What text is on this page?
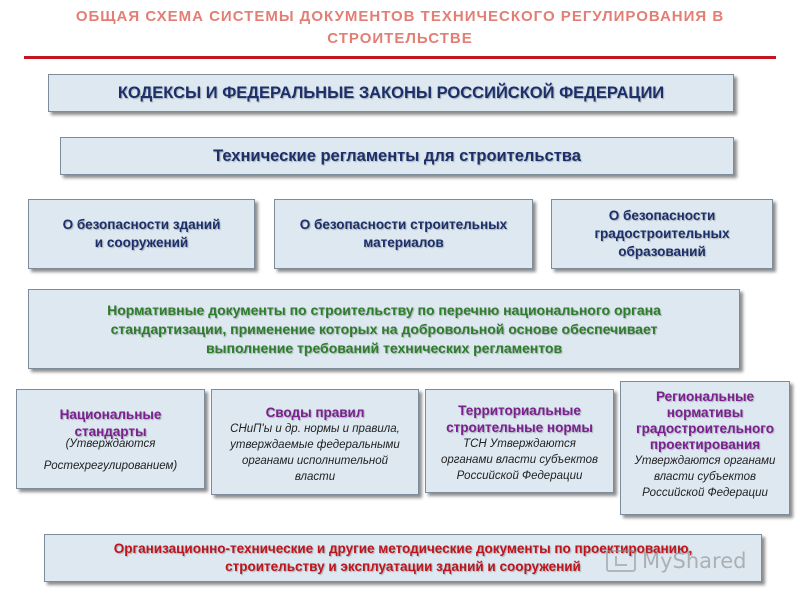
ОБЩАЯ СХЕМА СИСТЕМЫ ДОКУМЕНТОВ ТЕХНИЧЕСКОГО РЕГУЛИРОВАНИЯ В
СТРОИТЕЛЬСТВЕ
КОДЕКСЫ И ФЕДЕРАЛЬНЫЕ ЗАКОНЫ РОССИЙСКОЙ ФЕДЕРАЦИИ
Технические регламенты для строительства
О безопасности зданий
и сооружений
О безопасности строительных
материалов
О безопасности
градостроительных
образований
Нормативные документы по строительству по перечню национального органа
стандартизации, применение которых на добровольной основе обеспечивает
выполнение требований технических регламентов
Национальные
стандарты
(Утверждаются
Ростехрегулированием)
Своды правил
СНиП'ы и др. нормы и правила,
утверждаемые федеральными
органами исполнительной
власти
Территориальные
строительные нормы
ТСН Утверждаются
органами власти субъектов
Российской Федерации
Региональные
нормативы
градостроительного
проектирования
Утверждаются органами
власти субъектов
Российской Федерации
Организационно-технические и другие методические документы по проектированию,
строительству и эксплуатации зданий и сооружений	MyShared
